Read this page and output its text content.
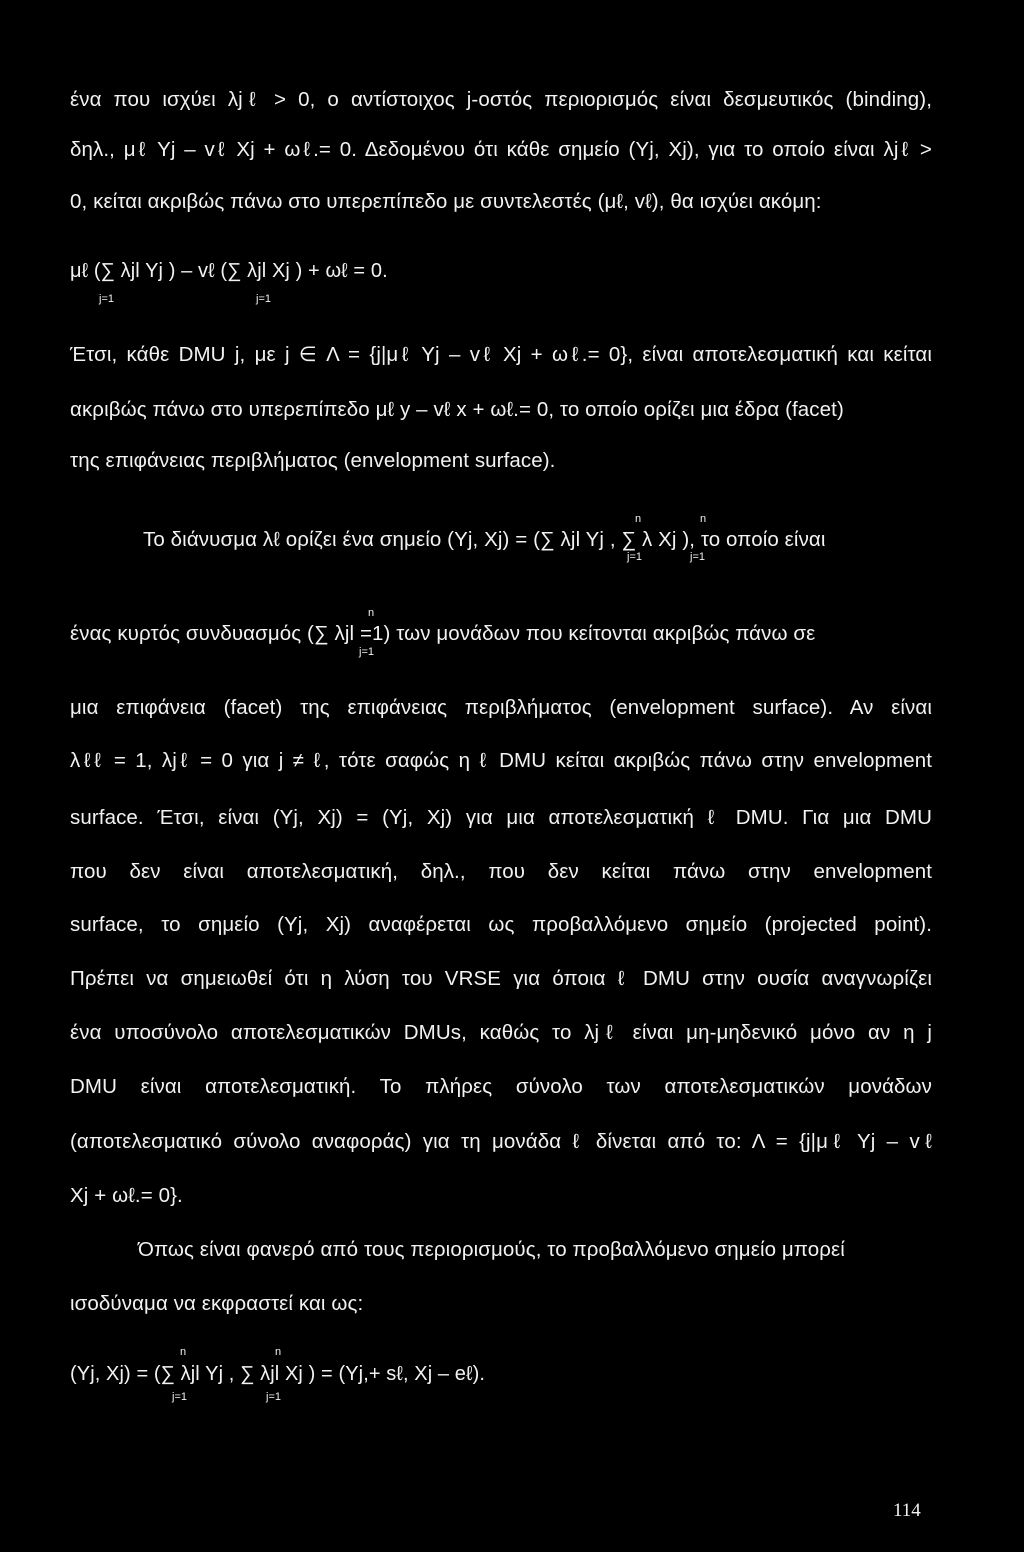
ένα που ισχύει λjℓ > 0, ο αντίστοιχος j-οστός περιορισμός είναι δεσμευτικός (binding),
δηλ., μℓ Yj – vℓ Xj + ωℓ.= 0. Δεδομένου ότι κάθε σημείο (Yj, Xj), για το οποίο είναι λjℓ >
0, κείται ακριβώς πάνω στο υπερεπίπεδο με συντελεστές (μℓ, vℓ), θα ισχύει ακόμη:
μℓ (∑ λjl Yj ) – vℓ (∑ λjl Xj ) + ωℓ = 0.
j=1	j=1
Έτσι, κάθε DMU j, με j ∈ Λ = {j|μℓ Yj – vℓ Xj + ωℓ.= 0}, είναι αποτελεσματική και κείται
ακριβώς πάνω στο υπερεπίπεδο μℓ y – vℓ x + ωℓ.= 0, το οποίο ορίζει μια έδρα (facet)
της επιφάνειας περιβλήματος (envelopment surface).
n	n
Το διάνυσμα λℓ ορίζει ένα σημείο (Yj, Xj) = (∑ λjl Yj , ∑ λ Xj ), το οποίο είναι
j=1	j=1
n
ένας κυρτός συνδυασμός (∑ λjl =1) των μονάδων που κείτονται ακριβώς πάνω σε
j=1
μια επιφάνεια (facet) της επιφάνειας περιβλήματος (envelopment surface). Αν είναι
λℓℓ = 1, λjℓ = 0 για j ≠ ℓ, τότε σαφώς η ℓ DMU κείται ακριβώς πάνω στην envelopment
surface. Έτσι, είναι (Yj, Xj) = (Yj, Xj) για μια αποτελεσματική ℓ DMU. Για μια DMU
που δεν είναι αποτελεσματική, δηλ., που δεν κείται πάνω στην envelopment
surface, το σημείο (Yj, Xj) αναφέρεται ως προβαλλόμενο σημείο (projected point).
Πρέπει να σημειωθεί ότι η λύση του VRSE για όποια ℓ DMU στην ουσία αναγνωρίζει
ένα υποσύνολο αποτελεσματικών DMUs, καθώς το λjℓ είναι μη-μηδενικό μόνο αν η j
DMU είναι αποτελεσματική. Το πλήρες σύνολο των αποτελεσματικών μονάδων
(αποτελεσματικό σύνολο αναφοράς) για τη μονάδα ℓ δίνεται από το: Λ = {j|μℓ Yj – vℓ
Xj + ωℓ.= 0}.
Όπως είναι φανερό από τους περιορισμούς, το προβαλλόμενο σημείο μπορεί
ισοδύναμα να εκφραστεί και ως:
n	n
(Yj, Xj) = (∑ λjl Yj , ∑ λjl Xj ) = (Yj,+ sℓ, Xj – eℓ).
j=1	j=1
114
